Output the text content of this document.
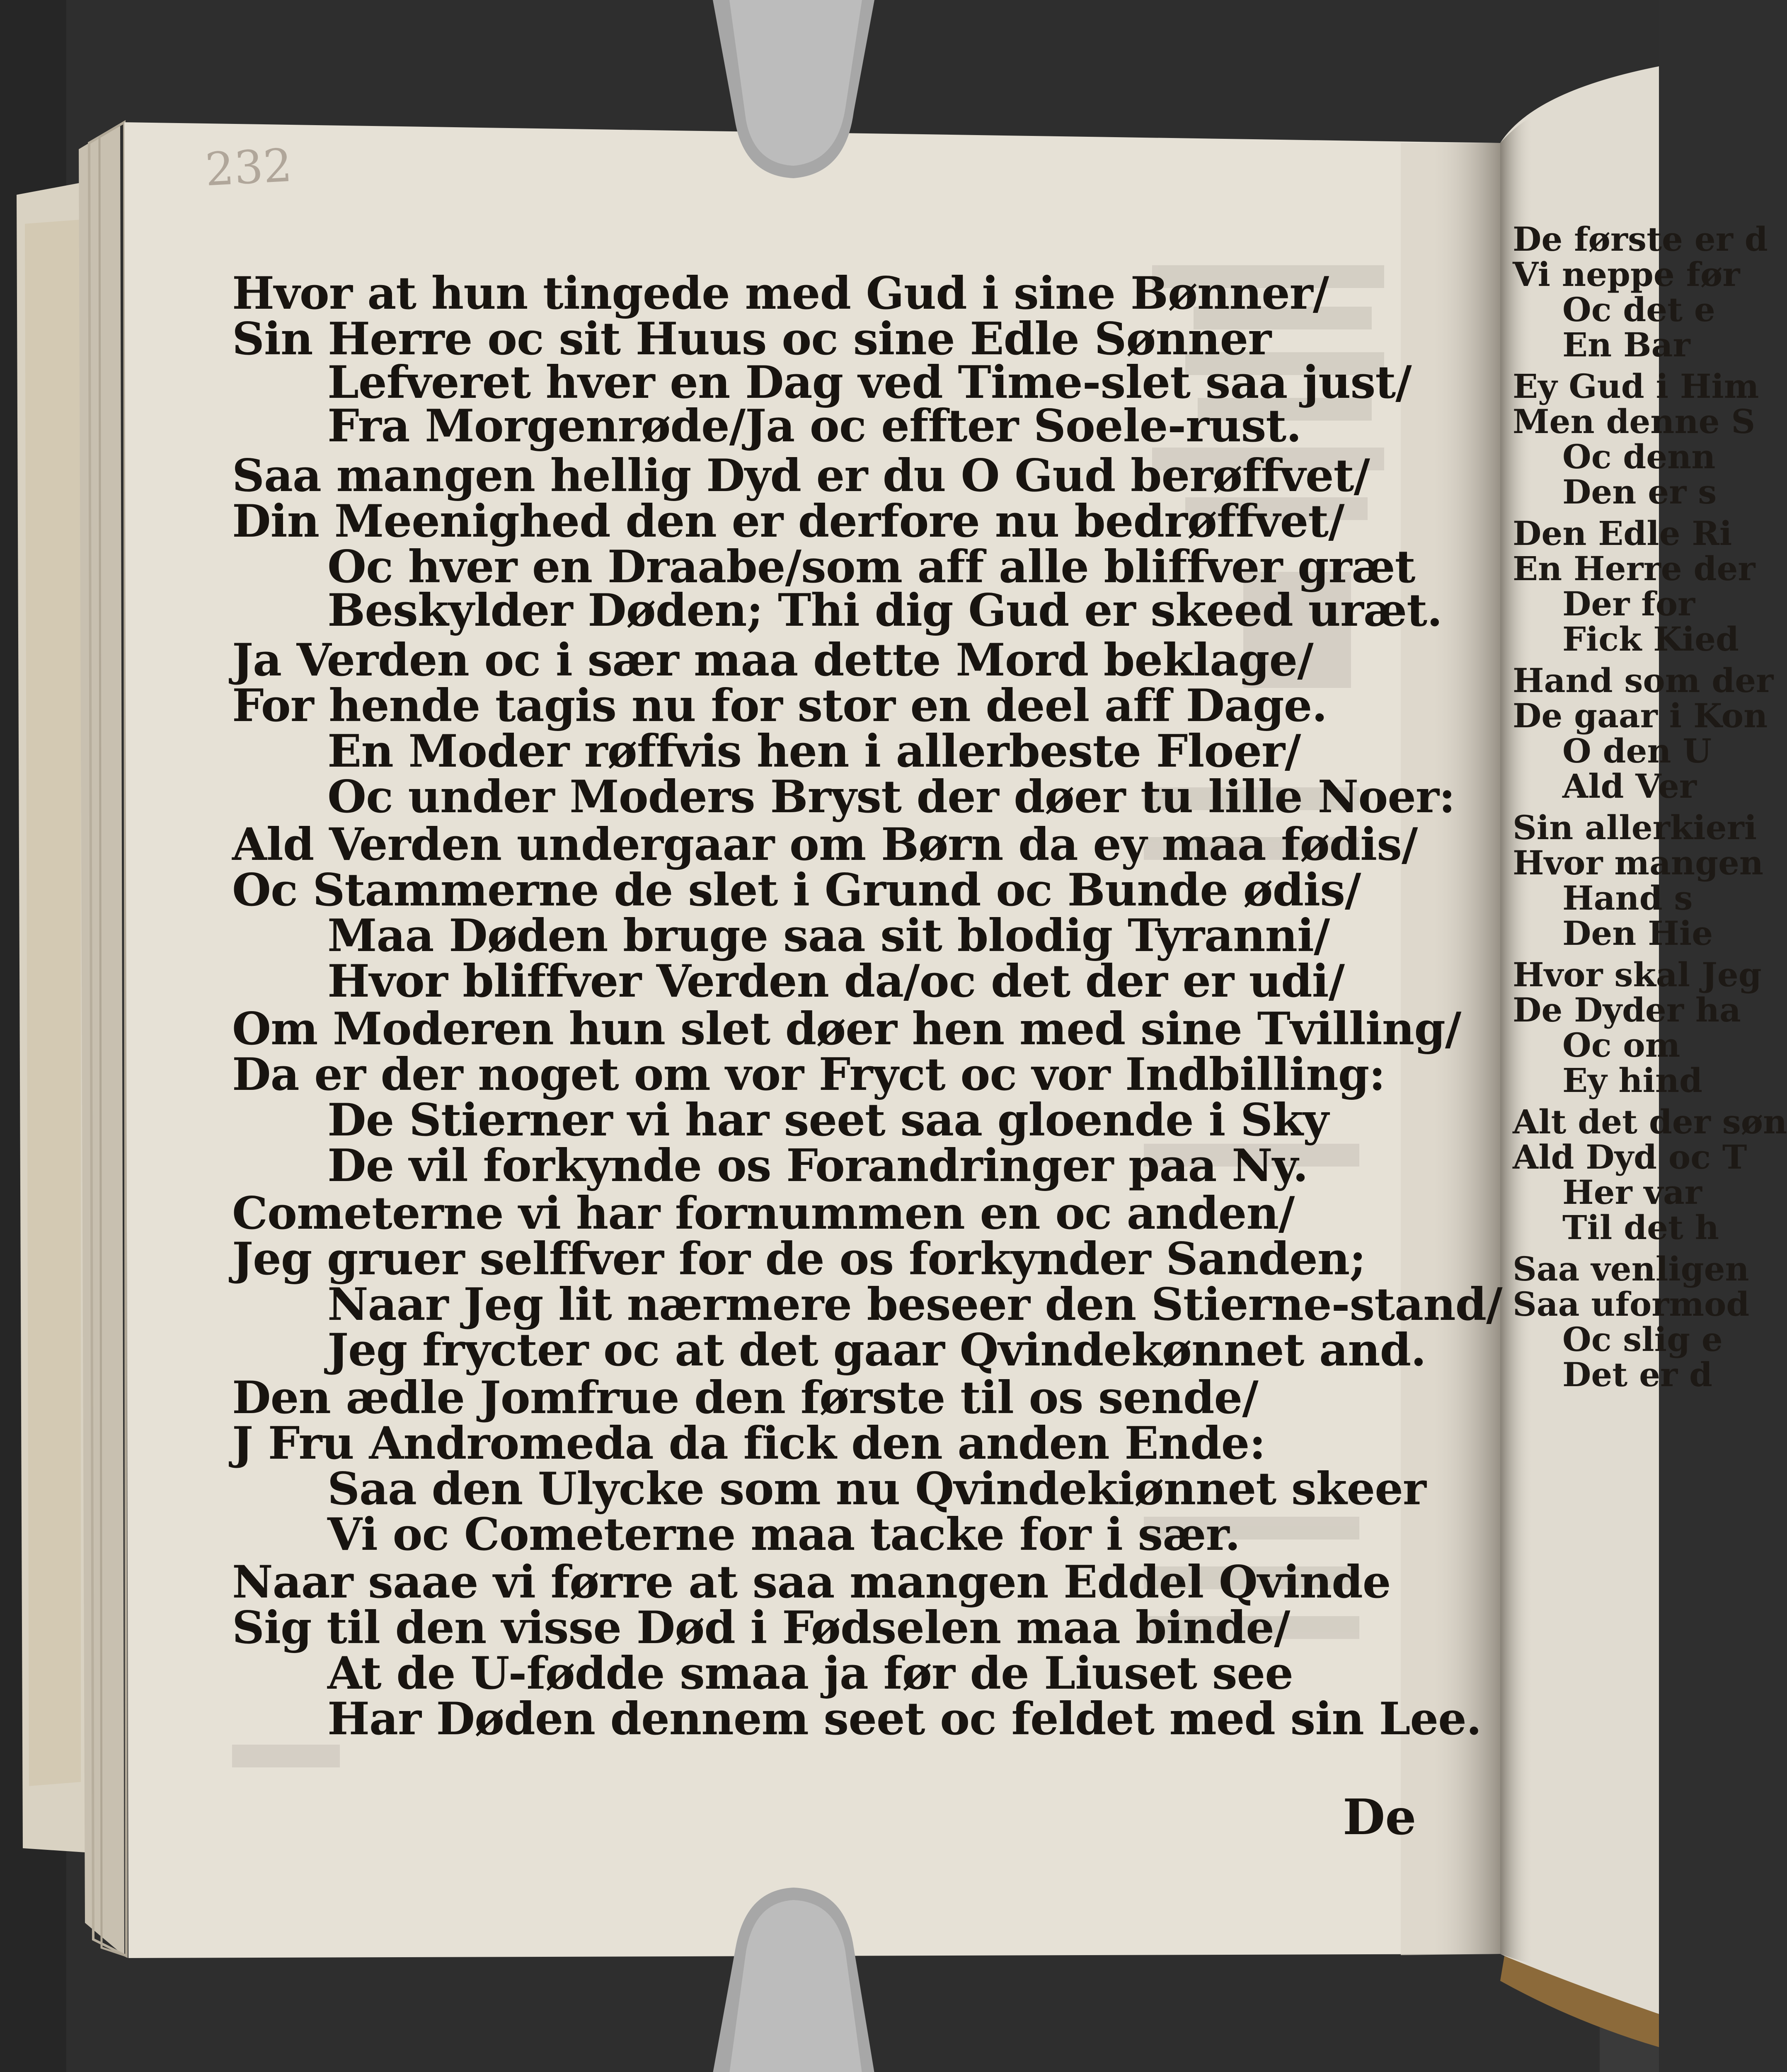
232
Hvor at hun tingede med Gud i sine Bønner/
Sin Herre oc sit Huus oc sine Edle Sønner
Lefveret hver en Dag ved Time-slet saa just/
Fra Morgenrøde/Ja oc effter Soele-rust.
Saa mangen hellig Dyd er du O Gud berøffvet/
Din Meenighed den er derfore nu bedrøffvet/
Oc hver en Draabe/som aff alle bliffver græt
Beskylder Døden; Thi dig Gud er skeed uræt.
Ja Verden oc i sær maa dette Mord beklage/
For hende tagis nu for stor en deel aff Dage.
En Moder røffvis hen i allerbeste Floer/
Oc under Moders Bryst der døer tu lille Noer:
Ald Verden undergaar om Børn da ey maa fødis/
Oc Stammerne de slet i Grund oc Bunde ødis/
Maa Døden bruge saa sit blodig Tyranni/
Hvor bliffver Verden da/oc det der er udi/
Om Moderen hun slet døer hen med sine Tvilling/
Da er der noget om vor Fryct oc vor Indbilling:
De Stierner vi har seet saa gloende i Sky
De vil forkynde os Forandringer paa Ny.
Cometerne vi har fornummen en oc anden/
Jeg gruer selffver for de os forkynder Sanden;
Naar Jeg lit nærmere beseer den Stierne-stand/
Jeg frycter oc at det gaar Qvindekønnet and.
Den ædle Jomfrue den første til os sende/
J Fru Andromeda da fick den anden Ende:
Saa den Ulycke som nu Qvindekiønnet skeer
Vi oc Cometerne maa tacke for i sær.
Naar saae vi førre at saa mangen Eddel Qvinde
Sig til den visse Død i Fødselen maa binde/
At de U-fødde smaa ja før de Liuset see
Har Døden dennem seet oc feldet med sin Lee.
De
De første er d
Vi neppe før
Oc det e
En Bar
Ey Gud i Him
Men denne S
Oc denn
Den er s
Den Edle Ri
En Herre der
Der for
Fick Kied
Hand som der
De gaar i Kon
O den U
Ald Ver
Sin allerkieri
Hvor mangen
Hand s
Den Hie
Hvor skal Jeg
De Dyder ha
Oc om
Ey hind
Alt det der søn
Ald Dyd oc T
Her var
Til det h
Saa venligen
Saa uformod
Oc slig e
Det er d
